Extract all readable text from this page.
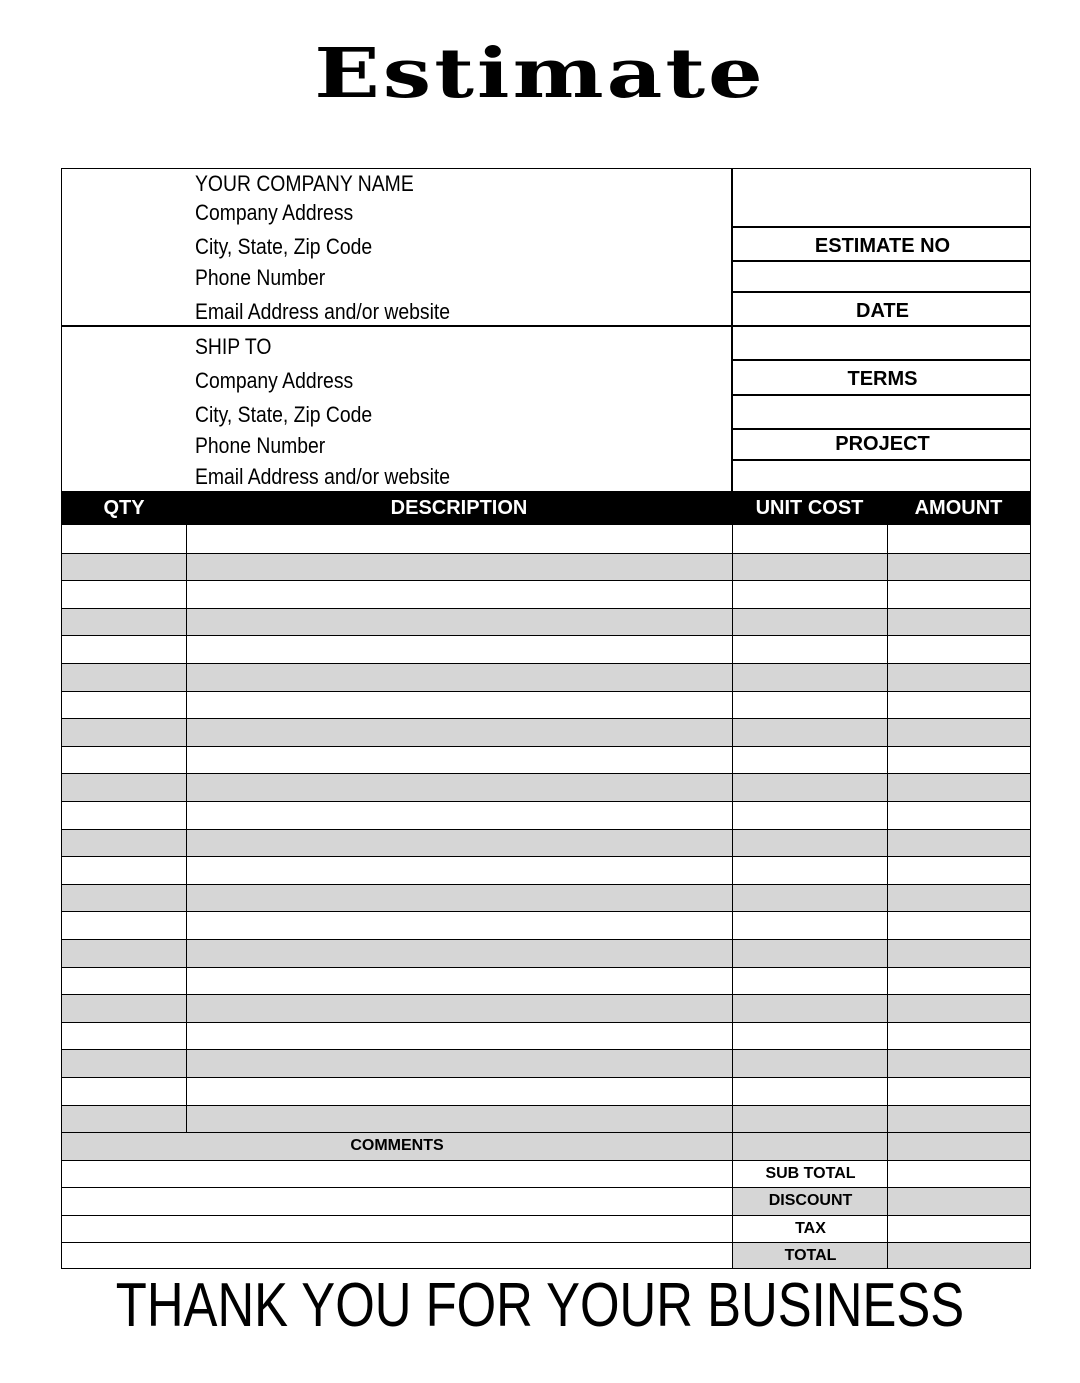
Estimate
YOUR COMPANY NAME
Company Address
City, State, Zip Code
Phone Number
Email Address and/or website
SHIP TO
Company Address
City, State, Zip Code
Phone Number
Email Address and/or website
ESTIMATE NO
DATE
TERMS
PROJECT
QTY	DESCRIPTION	UNIT COST	AMOUNT
COMMENTS
SUB TOTAL
DISCOUNT
TAX
TOTAL
THANK YOU FOR YOUR BUSINESS
